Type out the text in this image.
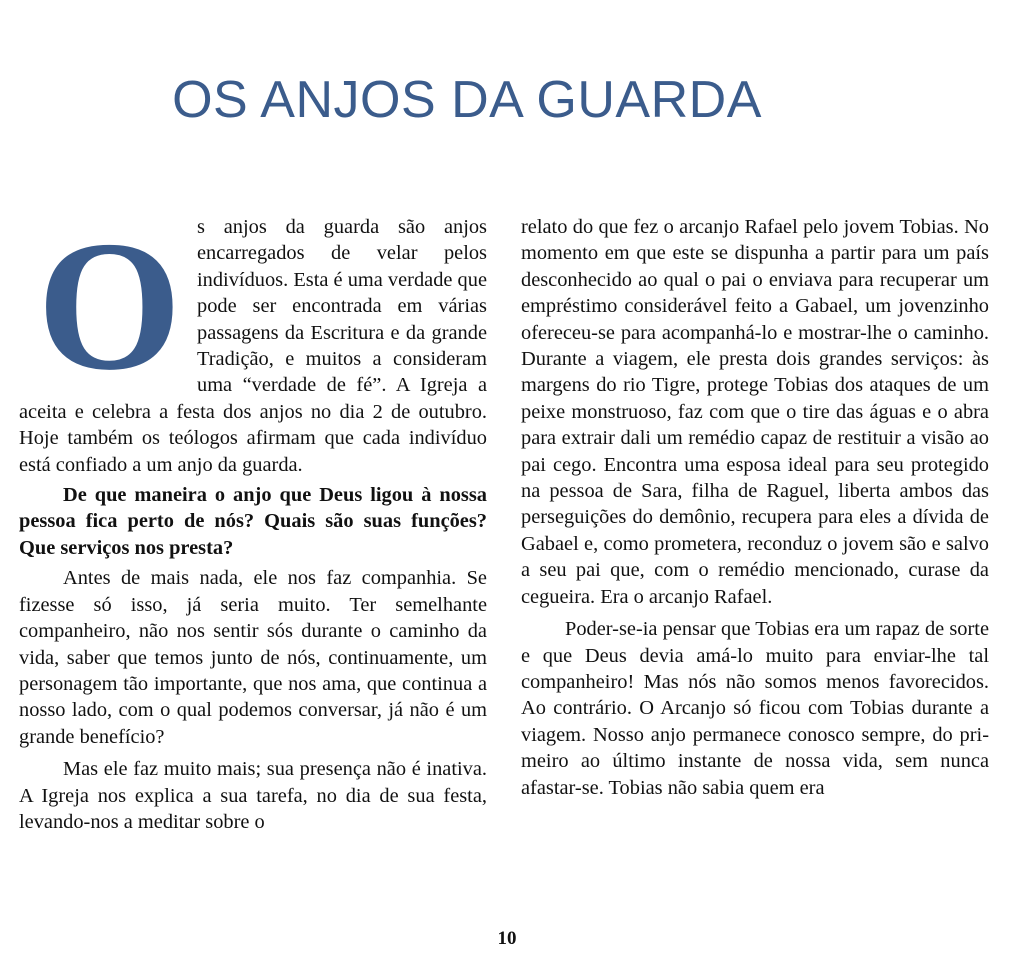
OS ANJOS DA GUARDA

Os anjos da guarda são anjos encarregados de velar pelos indivíduos. Esta é uma verdade que pode ser encontrada em várias passagens da Escritura e da grande Tradição, e muitos a consideram uma “verdade de fé”. A Igreja a aceita e celebra a festa dos anjos no dia 2 de outubro. Hoje também os teólogos afirmam que cada indivíduo está confiado a um anjo da guarda.

De que maneira o anjo que Deus ligou à nossa pessoa fica perto de nós? Quais são suas funções? Que serviços nos presta?

Antes de mais nada, ele nos faz companhia. Se fizesse só isso, já seria muito. Ter semelhante companheiro, não nos sentir sós durante o caminho da vida, saber que temos junto de nós, continuamente, um personagem tão importante, que nos ama, que continua a nosso lado, com o qual podemos conversar, já não é um grande benefício?

Mas ele faz muito mais; sua presença não é inativa. A Igreja nos explica a sua tarefa, no dia de sua festa, levando-nos a meditar sobre o

relato do que fez o arcanjo Rafael pelo jovem Tobias. No momento em que este se dispunha a partir para um país desconhecido ao qual o pai o enviava para recuperar um empréstimo considerável feito a Gabael, um jovenzinho ofereceu-se para acompanhá-lo e mostrar-lhe o caminho. Durante a viagem, ele presta dois grandes serviços: às margens do rio Tigre, protege Tobias dos ataques de um peixe monstruoso, faz com que o tire das águas e o abra para extrair dali um remédio capaz de restituir a visão ao pai cego. Encontra uma esposa ideal para seu protegido na pessoa de Sara, filha de Raguel, liberta ambos das perseguições do demônio, recupera para eles a dívida de Gabael e, como prometera, reconduz o jovem são e salvo a seu pai que, com o remédio mencionado, curase da cegueira. Era o arcanjo Rafael.

Poder-se-ia pensar que Tobias era um rapaz de sorte e que Deus devia amá-lo muito para enviar-lhe tal companheiro! Mas nós não somos menos favorecidos. Ao contrário. O Arcanjo só ficou com Tobias durante a viagem. Nosso anjo permanece conosco sempre, do primeiro ao último instante de nossa vida, sem nunca afastar-se. Tobias não sabia quem era

10
